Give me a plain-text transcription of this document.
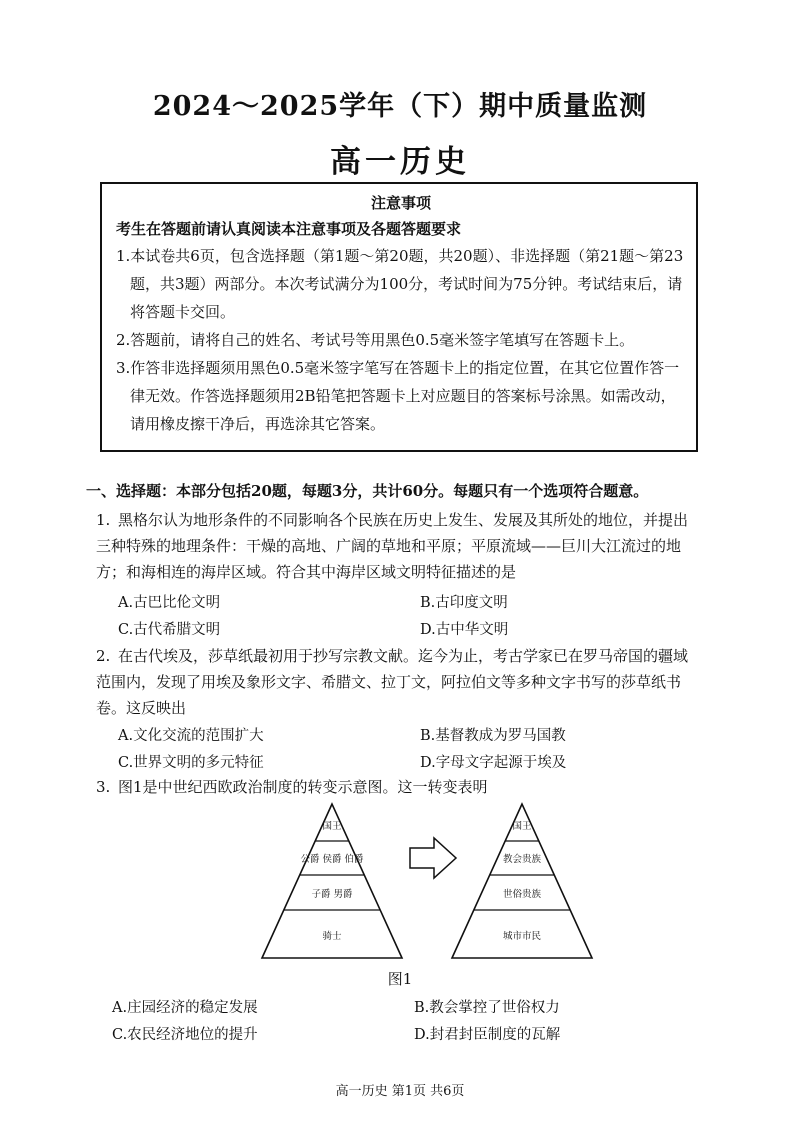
2024～2025学年（下）期中质量监测
高一历史
注意事项
考生在答题前请认真阅读本注意事项及各题答题要求
1.本试卷共6页，包含选择题（第1题～第20题，共20题）、非选择题（第21题～第23题，共3题）两部分。本次考试满分为100分，考试时间为75分钟。考试结束后，请将答题卡交回。
2.答题前，请将自己的姓名、考试号等用黑色0.5毫米签字笔填写在答题卡上。
3.作答非选择题须用黑色0.5毫米签字笔写在答题卡上的指定位置，在其它位置作答一律无效。作答选择题须用2B铅笔把答题卡上对应题目的答案标号涂黑。如需改动，请用橡皮擦干净后，再选涂其它答案。
一、选择题：本部分包括20题，每题3分，共计60分。每题只有一个选项符合题意。
1. 黑格尔认为地形条件的不同影响各个民族在历史上发生、发展及其所处的地位，并提出三种特殊的地理条件：干燥的高地、广阔的草地和平原；平原流域——巨川大江流过的地方；和海相连的海岸区域。符合其中海岸区域文明特征描述的是
A.古巴比伦文明	B.古印度文明
C.古代希腊文明	D.古中华文明
2. 在古代埃及，莎草纸最初用于抄写宗教文献。迄今为止，考古学家已在罗马帝国的疆域范围内，发现了用埃及象形文字、希腊文、拉丁文，阿拉伯文等多种文字书写的莎草纸书卷。这反映出
A.文化交流的范围扩大	B.基督教成为罗马国教
C.世界文明的多元特征	D.字母文字起源于埃及
3. 图1是中世纪西欧政治制度的转变示意图。这一转变表明
国王
公爵 侯爵 伯爵
子爵 男爵
骑士
国王
教会贵族
世俗贵族
城市市民
图1
A.庄园经济的稳定发展	B.教会掌控了世俗权力
C.农民经济地位的提升	D.封君封臣制度的瓦解
高一历史 第1页 共6页
